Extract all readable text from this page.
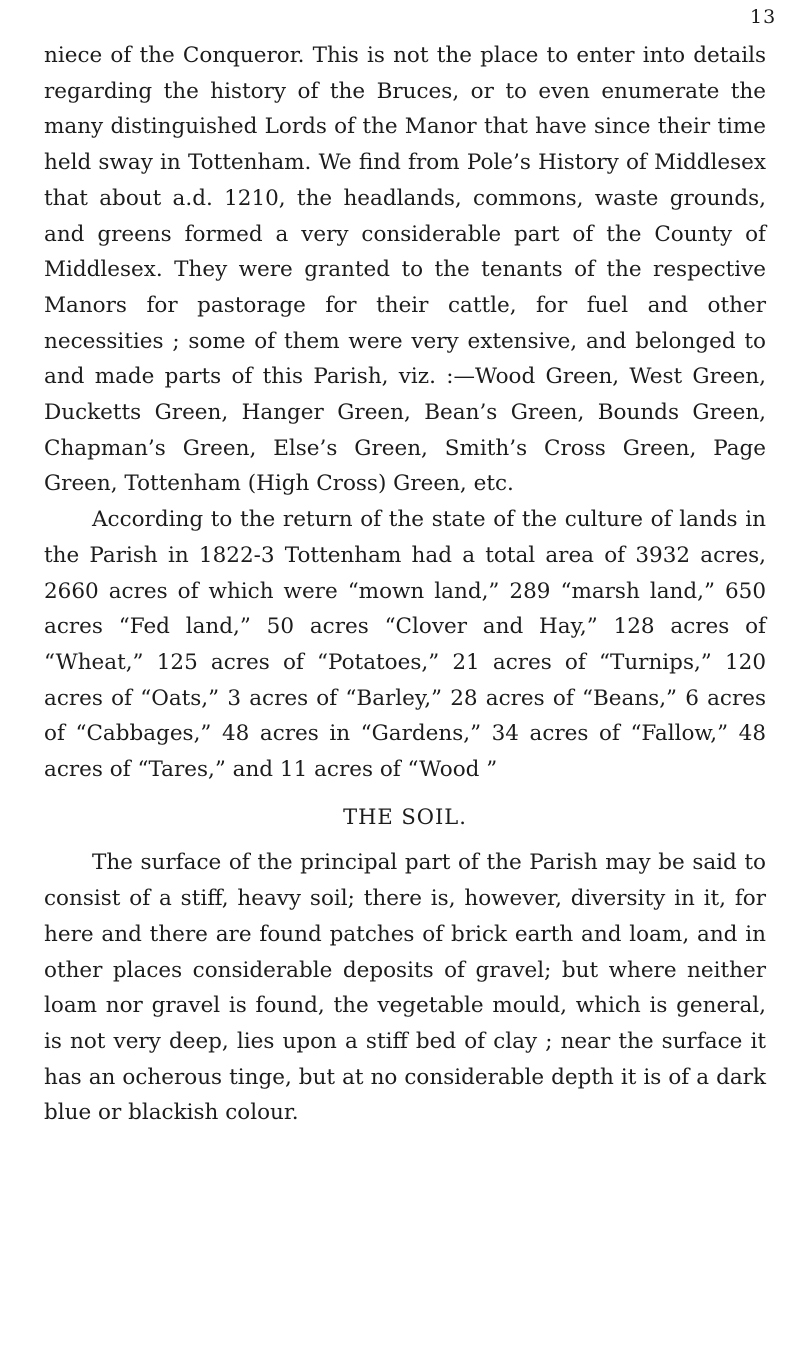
13

niece of the Conqueror. This is not the place to enter into details regarding the history of the Bruces, or to even enumerate the many distinguished Lords of the Manor that have since their time held sway in Tottenham. We find from Pole’s History of Middlesex that about a.d. 1210, the headlands, commons, waste grounds, and greens formed a very considerable part of the County of Middlesex. They were granted to the tenants of the respective Manors for pastorage for their cattle, for fuel and other necessities ; some of them were very extensive, and belonged to and made parts of this Parish, viz. :—Wood Green, West Green, Ducketts Green, Hanger Green, Bean’s Green, Bounds Green, Chapman’s Green, Else’s Green, Smith’s Cross Green, Page Green, Tottenham (High Cross) Green, etc.

According to the return of the state of the culture of lands in the Parish in 1822-3 Tottenham had a total area of 3932 acres, 2660 acres of which were “mown land,” 289 “marsh land,” 650 acres “Fed land,” 50 acres “Clover and Hay,” 128 acres of “Wheat,” 125 acres of “Potatoes,” 21 acres of “Turnips,” 120 acres of “Oats,” 3 acres of “Barley,” 28 acres of “Beans,” 6 acres of “Cabbages,” 48 acres in “Gardens,” 34 acres of “Fallow,” 48 acres of “Tares,” and 11 acres of “Wood ”

THE SOIL.

The surface of the principal part of the Parish may be said to consist of a stiff, heavy soil; there is, however, diversity in it, for here and there are found patches of brick earth and loam, and in other places considerable deposits of gravel; but where neither loam nor gravel is found, the vegetable mould, which is general, is not very deep, lies upon a stiff bed of clay ; near the surface it has an ocherous tinge, but at no considerable depth it is of a dark blue or blackish colour.
